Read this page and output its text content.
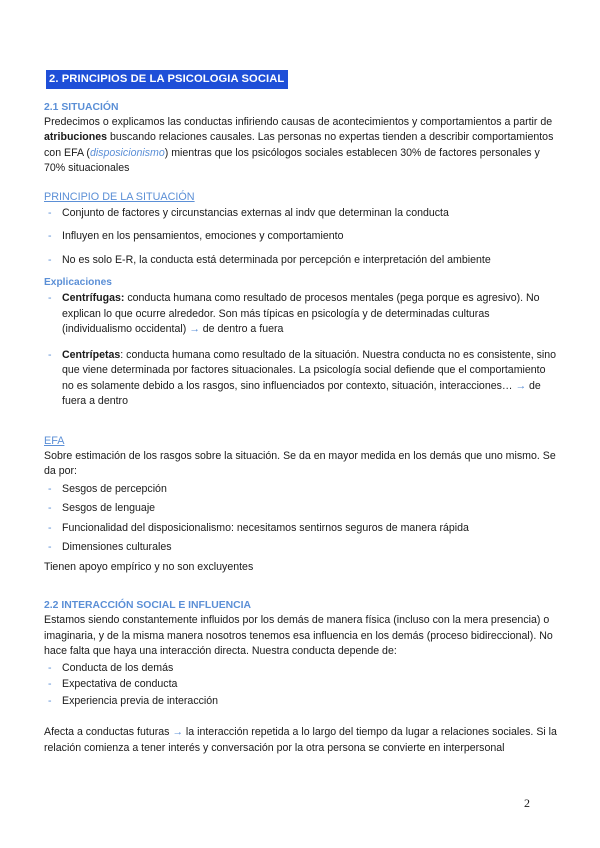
2. PRINCIPIOS DE LA PSICOLOGIA SOCIAL
2.1 SITUACIÓN

Predecimos o explicamos las conductas infiriendo causas de acontecimientos y comportamientos a partir de atribuciones buscando relaciones causales. Las personas no expertas tienden a describir comportamientos con EFA (disposicionismo) mientras que los psicólogos sociales establecen 30% de factores personales y 70% situacionales

PRINCIPIO DE LA SITUACIÓN
- Conjunto de factores y circunstancias externas al indv que determinan la conducta
- Influyen en los pensamientos, emociones y comportamiento
- No es solo E-R, la conducta está determinada por percepción e interpretación del ambiente
Explicaciones
- Centrífugas: conducta humana como resultado de procesos mentales (pega porque es agresivo). No explican lo que ocurre alrededor. Son más típicas en psicología y de determinadas culturas (individualismo occidental) → de dentro a fuera
- Centrípetas: conducta humana como resultado de la situación. Nuestra conducta no es consistente, sino que viene determinada por factores situacionales. La psicología social defiende que el comportamiento no es solamente debido a los rasgos, sino influenciados por contexto, situación, interacciones… → de fuera a dentro
EFA

Sobre estimación de los rasgos sobre la situación. Se da en mayor medida en los demás que uno mismo. Se da por:

- Sesgos de percepción
- Sesgos de lenguaje
- Funcionalidad del disposicionalismo: necesitamos sentirnos seguros de manera rápida
- Dimensiones culturales

Tienen apoyo empírico y no son excluyentes

2.2 INTERACCIÓN SOCIAL E INFLUENCIA

Estamos siendo constantemente influidos por los demás de manera física (incluso con la mera presencia) o imaginaria, y de la misma manera nosotros tenemos esa influencia en los demás (proceso bidireccional). No hace falta que haya una interacción directa. Nuestra conducta depende de:

- Conducta de los demás
- Expectativa de conducta
- Experiencia previa de interacción

Afecta a conductas futuras → la interacción repetida a lo largo del tiempo da lugar a relaciones sociales. Si la relación comienza a tener interés y conversación por la otra persona se convierte en interpersonal

2
